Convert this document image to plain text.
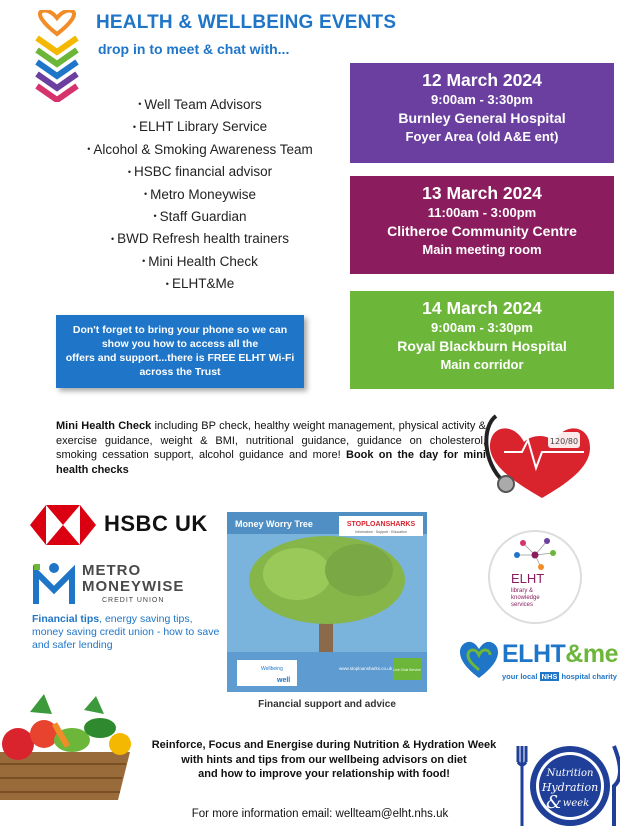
HEALTH & WELLBEING EVENTS
drop in to meet & chat with...
• Well Team Advisors
• ELHT Library Service
• Alcohol & Smoking Awareness Team
• HSBC financial advisor
• Metro Moneywise
• Staff Guardian
• BWD Refresh health trainers
• Mini Health Check
• ELHT&Me
12 March 2024
9:00am - 3:30pm
Burnley General Hospital
Foyer Area (old A&E ent)
13 March 2024
11:00am - 3:00pm
Clitheroe Community Centre
Main meeting room
14 March 2024
9:00am - 3:30pm
Royal Blackburn Hospital
Main corridor
Don't forget to bring your phone so we can
show you how to access all the
offers and support...there is FREE ELHT Wi-Fi
across the Trust
Mini Health Check including BP check, healthy weight management, physical activity & exercise guidance, weight & BMI, nutritional guidance, guidance on cholesterol, smoking cessation support, alcohol guidance and more! Book on the day for mini health checks
120/80
HSBC UK
METRO
MONEYWISE
CREDIT UNION
Financial tips, energy saving tips, money saving credit union - how to save and safer lending
Money Worry Tree	STOPLOANSHARKS
Information · Support · Education
Wellbeing
well
www.stoploansharks.co.uk Live Chat Service
Financial support and advice
ELHT
library &
knowledge
services
ELHT&me
your local NHS hospital charity
Reinforce, Focus and Energise during Nutrition & Hydration Week
with hints and tips from our wellbeing advisors on diet
and how to improve your relationship with food!	Nutrition
Hydration
week
&
For more information email: wellteam@elht.nhs.uk
